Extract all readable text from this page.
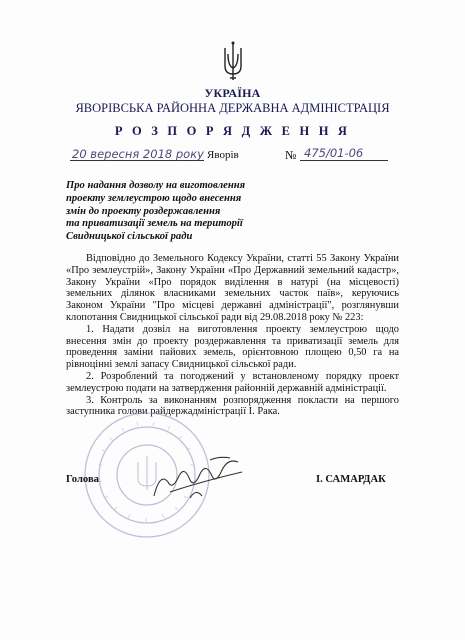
УКРАЇНА
ЯВОРІВСЬКА РАЙОННА ДЕРЖАВНА АДМІНІСТРАЦІЯ
Р О З П О Р Я Д Ж Е Н Н Я
20 вересня 2018 року Яворів	№ 475/01-06
Про надання дозволу на виготовлення
проекту землеустрою щодо внесення
змін до проекту роздержавлення
та приватизації земель на території
Свидницької сільської ради

Відповідно до Земельного Кодексу України, статті 55 Закону України «Про землеустрій», Закону України «Про Державний земельний кадастр», Закону України «Про порядок виділення в натурі (на місцевості) земельних ділянок власниками земельних часток паїв», керуючись Законом України "Про місцеві державні адміністрації", розглянувши клопотання Свидницької сільської ради від 29.08.2018 року № 223:

1. Надати дозвіл на виготовлення проекту землеустрою щодо внесення змін до проекту роздержавлення та приватизації земель для проведення заміни пайових земель, орієнтовною площею 0,50 га на рівноцінні землі запасу Свидницької сільської ради.

2. Розроблений та погоджений у встановленому порядку проект землеустрою подати на затвердження районній державній адміністрації.

3. Контроль за виконанням розпорядження покласти на першого заступника голови райдержадміністрації І. Рака.

Голова	І. САМАРДАК
